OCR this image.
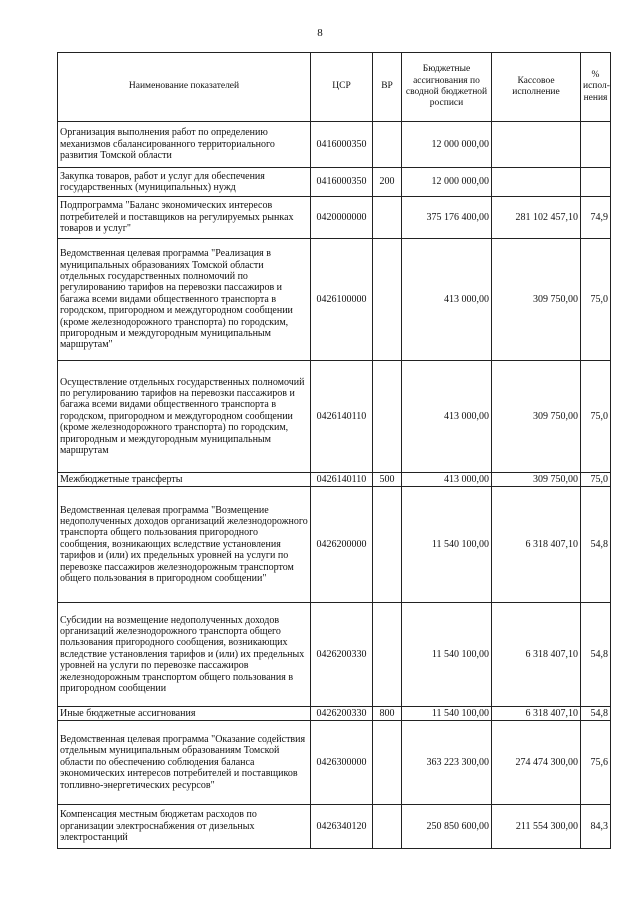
8
Наименование показателей	ЦСР	ВР	Бюджетные ассигнования по сводной бюджетной росписи	Кассовое исполнение	% испол-нения
Организация выполнения работ по определению механизмов сбалансированного территориального развития Томской области	0416000350		12 000 000,00		
Закупка товаров, работ и услуг для обеспечения государственных (муниципальных) нужд	0416000350	200	12 000 000,00		
Подпрограмма "Баланс экономических интересов потребителей и поставщиков на регулируемых рынках товаров и услуг"	0420000000		375 176 400,00	281 102 457,10	74,9
Ведомственная целевая программа "Реализация в муниципальных образованиях Томской области отдельных государственных полномочий по регулированию тарифов на перевозки пассажиров и багажа всеми видами общественного транспорта в городском, пригородном и междугородном сообщении (кроме железнодорожного транспорта) по городским, пригородным и междугородным муниципальным маршрутам"	0426100000		413 000,00	309 750,00	75,0
Осуществление отдельных государственных полномочий по регулированию тарифов на перевозки пассажиров и багажа всеми видами общественного транспорта в городском, пригородном и междугородном сообщении (кроме железнодорожного транспорта) по городским, пригородным и междугородным муниципальным маршрутам	0426140110		413 000,00	309 750,00	75,0
Межбюджетные трансферты	0426140110	500	413 000,00	309 750,00	75,0
Ведомственная целевая программа "Возмещение недополученных доходов организаций железнодорожного транспорта общего пользования пригородного сообщения, возникающих вследствие установления тарифов и (или) их предельных уровней на услуги по перевозке пассажиров железнодорожным транспортом общего пользования в пригородном сообщении"	0426200000		11 540 100,00	6 318 407,10	54,8
Субсидии на возмещение недополученных доходов организаций железнодорожного транспорта общего пользования пригородного сообщения, возникающих вследствие установления тарифов и (или) их предельных уровней на услуги по перевозке пассажиров железнодорожным транспортом общего пользования в пригородном сообщении	0426200330		11 540 100,00	6 318 407,10	54,8
Иные бюджетные ассигнования	0426200330	800	11 540 100,00	6 318 407,10	54,8
Ведомственная целевая программа "Оказание содействия отдельным муниципальным образованиям Томской области по обеспечению соблюдения баланса экономических интересов потребителей и поставщиков топливно-энергетических ресурсов"	0426300000		363 223 300,00	274 474 300,00	75,6
Компенсация местным бюджетам расходов по организации электроснабжения от дизельных электростанций	0426340120		250 850 600,00	211 554 300,00	84,3
